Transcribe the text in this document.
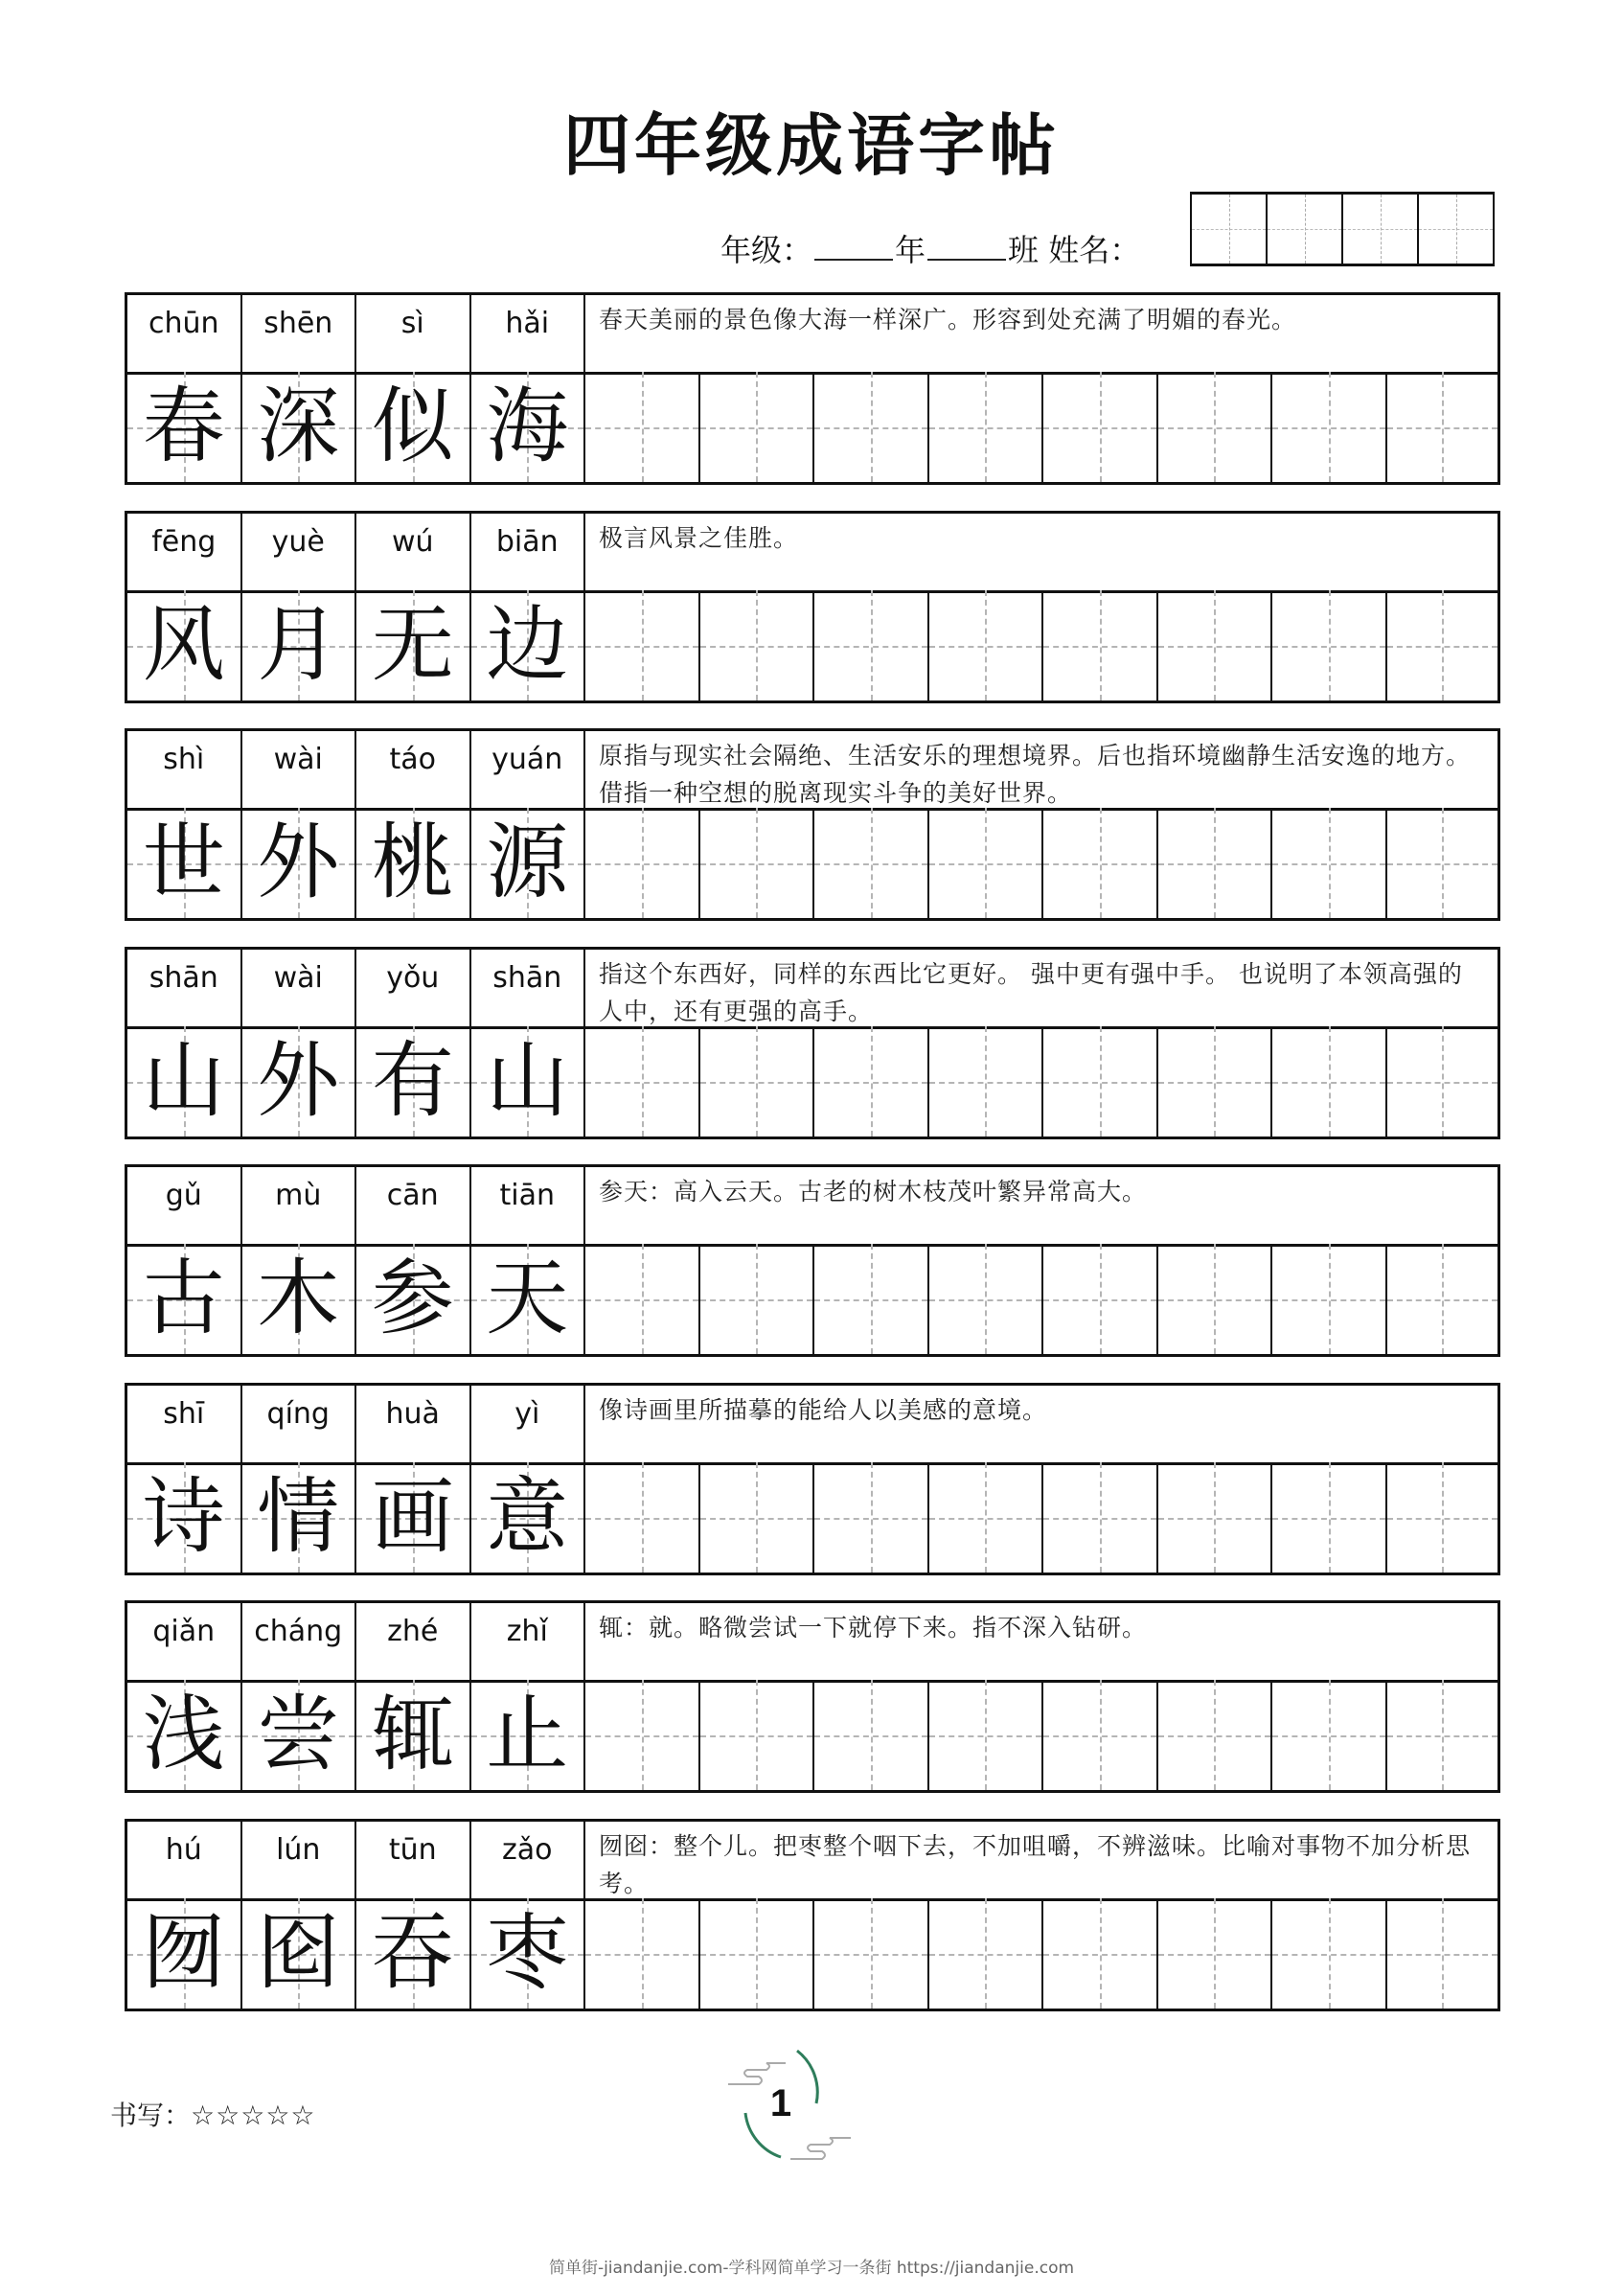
四年级成语字帖
年级：	年	班 姓名：
chūn	shēn	sì	hǎi	春天美丽的景色像大海一样深广。形容到处充满了明媚的春光。
春 深 似 海
fēng	yuè	wú	biān	极言风景之佳胜。
风 月 无 边
shì	wài	táo	yuán	原指与现实社会隔绝、生活安乐的理想境界。后也指环境幽静生活安逸的地方。借指一种空想的脱离现实斗争的美好世界。
世 外 桃 源
shān	wài	yǒu	shān	指这个东西好，同样的东西比它更好。 强中更有强中手。 也说明了本领高强的人中，还有更强的高手。
山 外 有 山
gǔ	mù	cān	tiān	参天：高入云天。古老的树木枝茂叶繁异常高大。
古 木 参 天
shī	qíng	huà	yì	像诗画里所描摹的能给人以美感的意境。
诗 情 画 意
qiǎn	cháng	zhé	zhǐ	辄：就。略微尝试一下就停下来。指不深入钻研。
浅 尝 辄 止
hú	lún	tūn	zǎo	囫囵：整个儿。把枣整个咽下去，不加咀嚼，不辨滋味。比喻对事物不加分析思考。
囫 囵 吞 枣
书写：☆☆☆☆☆	1
简单街-jiandanjie.com-学科网简单学习一条街 https://jiandanjie.com
